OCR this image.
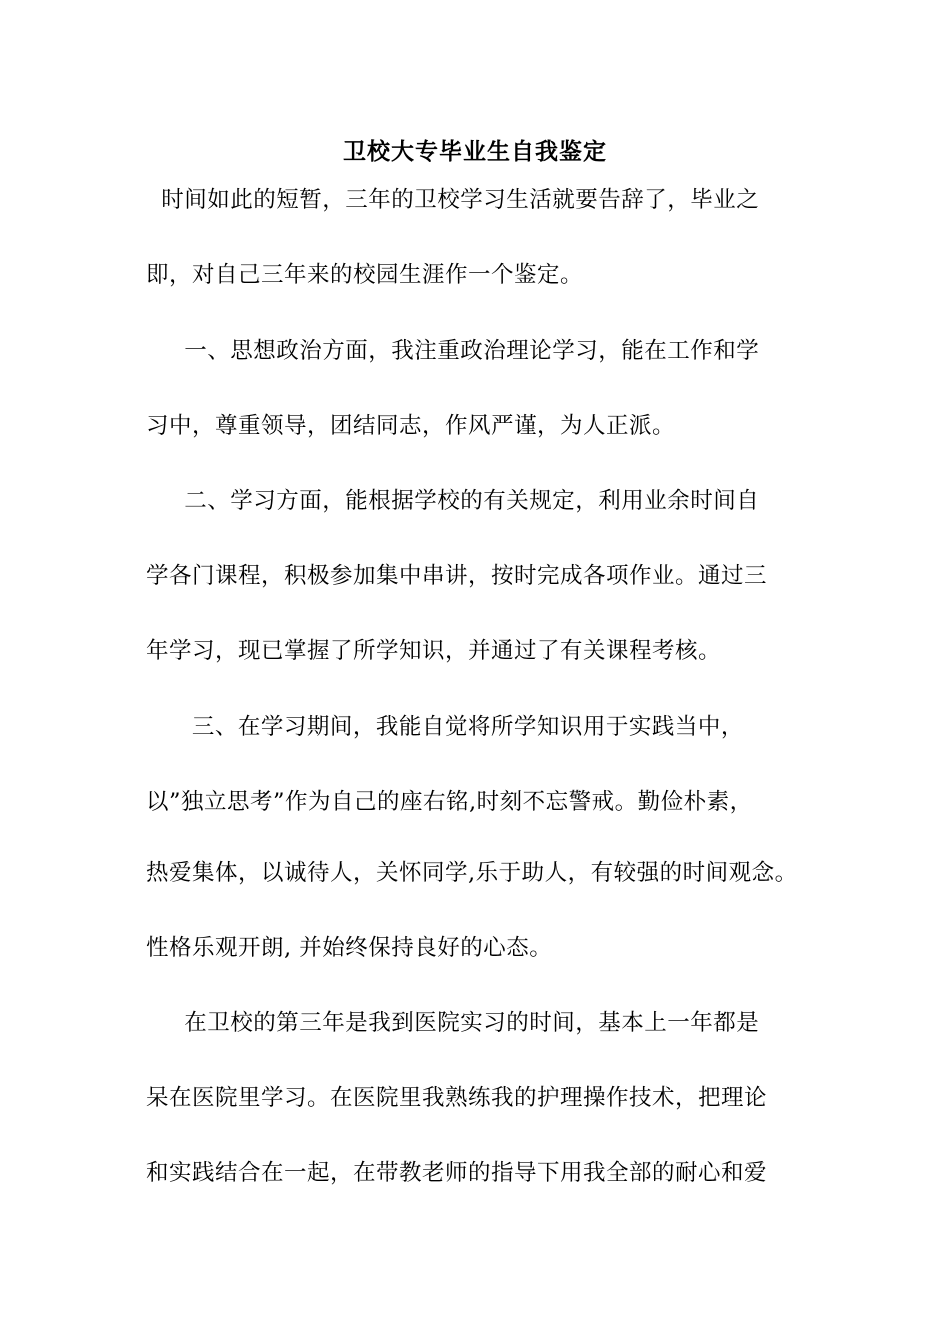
卫校大专毕业生自我鉴定
时间如此的短暂，三年的卫校学习生活就要告辞了，毕业之
即，对自己三年来的校园生涯作一个鉴定。
一、思想政治方面，我注重政治理论学习，能在工作和学
习中，尊重领导，团结同志，作风严谨，为人正派。
二、学习方面，能根据学校的有关规定，利用业余时间自
学各门课程，积极参加集中串讲，按时完成各项作业。通过三
年学习，现已掌握了所学知识，并通过了有关课程考核。
三、在学习期间，我能自觉将所学知识用于实践当中，
以”独立思考”作为自己的座右铭,时刻不忘警戒。勤俭朴素，
热爱集体，以诚待人，关怀同学,乐于助人，有较强的时间观念。
性格乐观开朗, 并始终保持良好的心态。
在卫校的第三年是我到医院实习的时间，基本上一年都是
呆在医院里学习。在医院里我熟练我的护理操作技术，把理论
和实践结合在一起，在带教老师的指导下用我全部的耐心和爱
